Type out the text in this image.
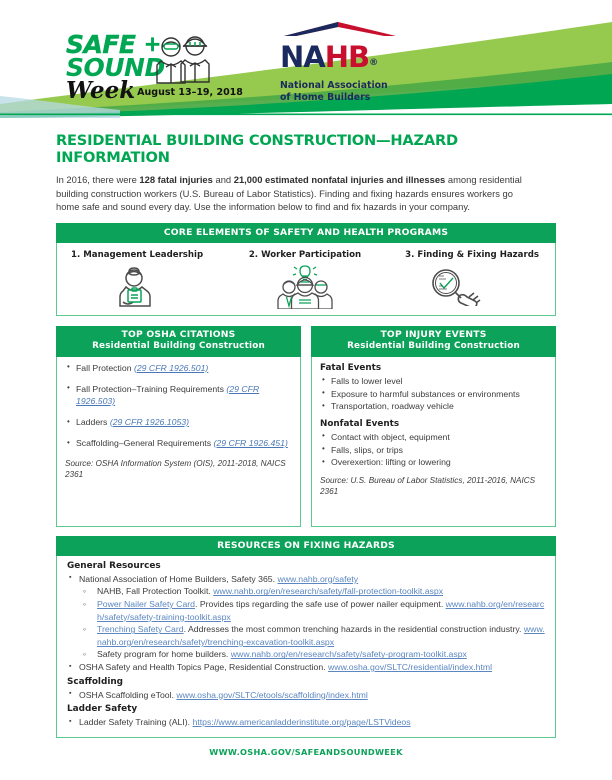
SAFE +
SOUND
Week August 13–19, 2018
NAHB®
National Association
of Home Builders
RESIDENTIAL BUILDING CONSTRUCTION—HAZARD INFORMATION

In 2016, there were 128 fatal injuries and 21,000 estimated nonfatal injuries and illnesses among residential building construction workers (U.S. Bureau of Labor Statistics). Finding and fixing hazards ensures workers go home safe and sound every day. Use the information below to find and fix hazards in your company.

CORE ELEMENTS OF SAFETY AND HEALTH PROGRAMS
1. Management Leadership	2. Worker Participation	3. Finding & Fixing Hazards
TOP OSHA CITATIONS
Residential Building Construction
• Fall Protection (29 CFR 1926.501)
• Fall Protection–Training Requirements (29 CFR 1926.503)
• Ladders (29 CFR 1926.1053)
• Scaffolding–General Requirements (29 CFR 1926.451)
Source: OSHA Information System (OIS), 2011-2018, NAICS 2361
TOP INJURY EVENTS
Residential Building Construction
Fatal Events
• Falls to lower level
• Exposure to harmful substances or environments
• Transportation, roadway vehicle
Nonfatal Events
• Contact with object, equipment
• Falls, slips, or trips
• Overexertion: lifting or lowering
Source: U.S. Bureau of Labor Statistics, 2011-2016, NAICS 2361
RESOURCES ON FIXING HAZARDS
General Resources
▪ National Association of Home Builders, Safety 365. www.nahb.org/safety
◦ NAHB, Fall Protection Toolkit. www.nahb.org/en/research/safety/fall-protection-toolkit.aspx
◦ Power Nailer Safety Card. Provides tips regarding the safe use of power nailer equipment. www.nahb.org/en/research/safety/safety-training-toolkit.aspx
◦ Trenching Safety Card. Addresses the most common trenching hazards in the residential construction industry. www.nahb.org/en/research/safety/trenching-excavation-toolkit.aspx
◦ Safety program for home builders. www.nahb.org/en/research/safety/safety-program-toolkit.aspx
▪ OSHA Safety and Health Topics Page, Residential Construction. www.osha.gov/SLTC/residential/index.html
Scaffolding
▪ OSHA Scaffolding eTool. www.osha.gov/SLTC/etools/scaffolding/index.html
Ladder Safety
▪ Ladder Safety Training (ALI). https://www.americanladderinstitute.org/page/LSTVideos
WWW.OSHA.GOV/SAFEANDSOUNDWEEK
